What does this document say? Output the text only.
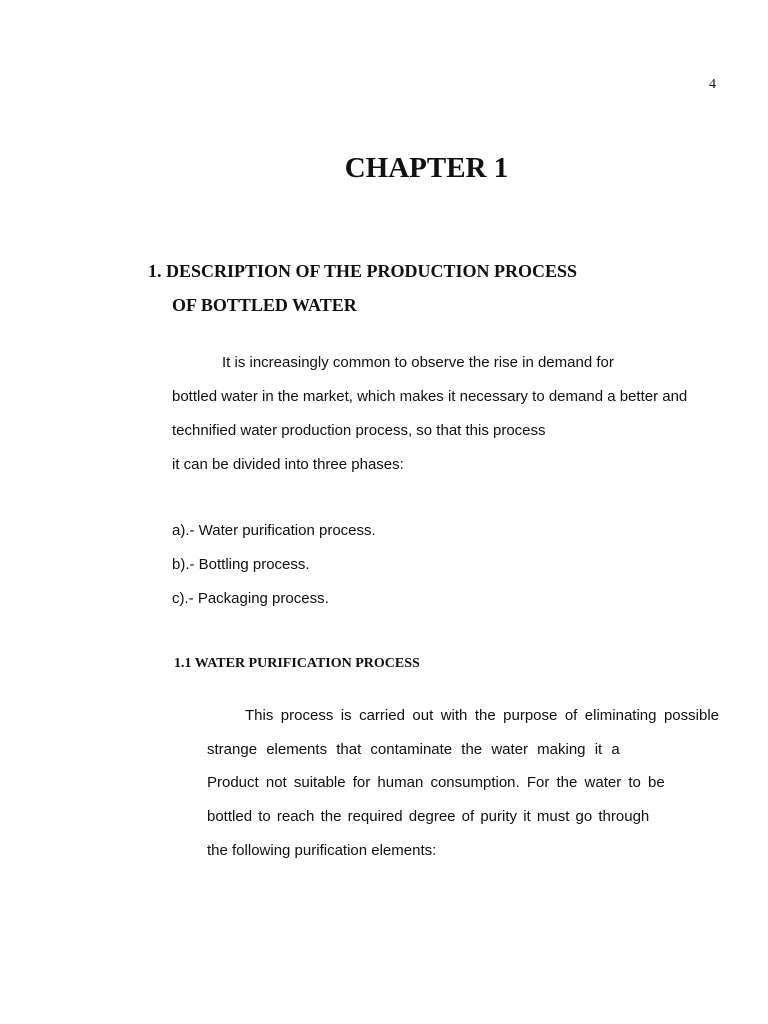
4
CHAPTER 1
1. DESCRIPTION OF THE PRODUCTION PROCESS
OF BOTTLED WATER

It is increasingly common to observe the rise in demand for

bottled water in the market, which makes it necessary to demand a better and

technified water production process, so that this process

it can be divided into three phases:

a).- Water purification process.

b).- Bottling process.

c).- Packaging process.

1.1 WATER PURIFICATION PROCESS

This process is carried out with the purpose of eliminating possible

strange elements that contaminate the water making it a

Product not suitable for human consumption. For the water to be

bottled to reach the required degree of purity it must go through

the following purification elements:
